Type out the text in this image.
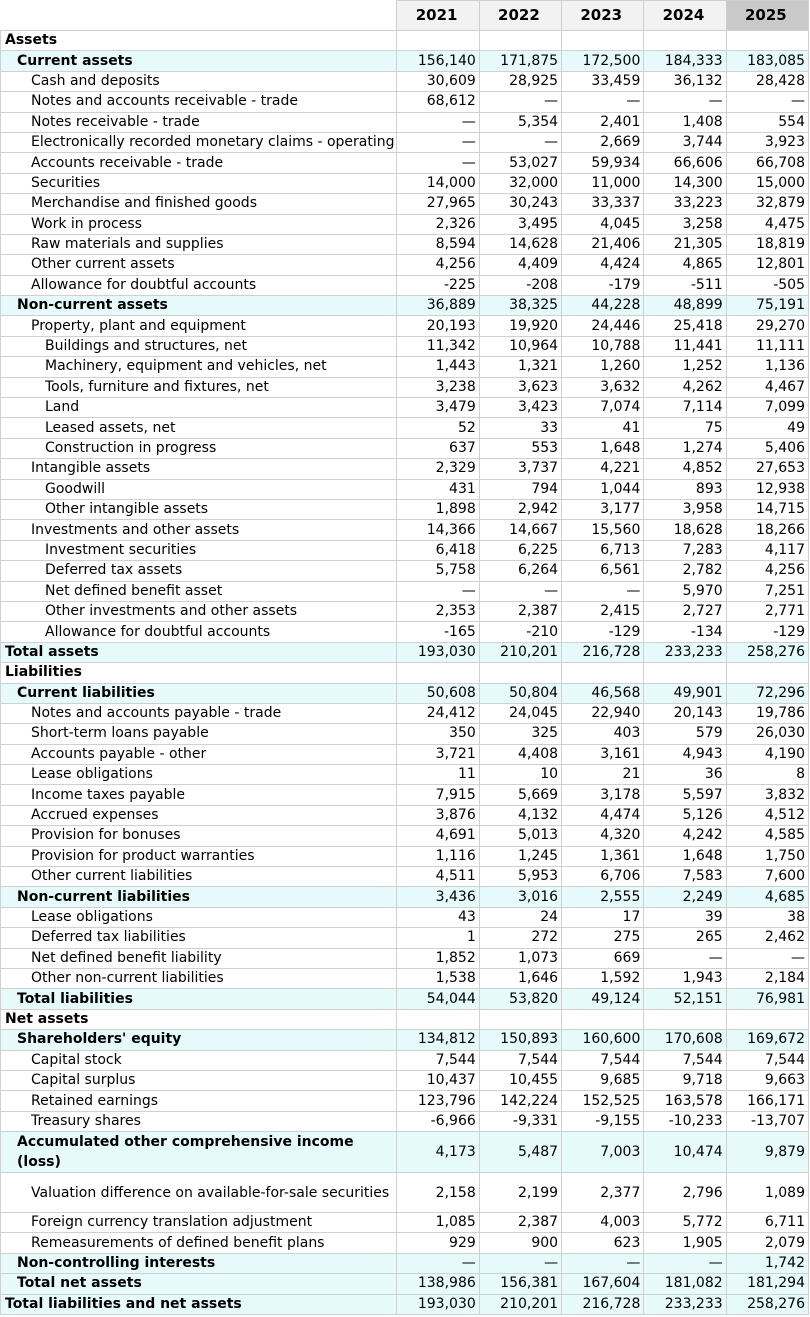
	2021	2022	2023	2024	2025
Assets					
Current assets	156,140	171,875	172,500	184,333	183,085
Cash and deposits	30,609	28,925	33,459	36,132	28,428
Notes and accounts receivable - trade	68,612	—	—	—	—
Notes receivable - trade	—	5,354	2,401	1,408	554
Electronically recorded monetary claims - operating	—	—	2,669	3,744	3,923
Accounts receivable - trade	—	53,027	59,934	66,606	66,708
Securities	14,000	32,000	11,000	14,300	15,000
Merchandise and finished goods	27,965	30,243	33,337	33,223	32,879
Work in process	2,326	3,495	4,045	3,258	4,475
Raw materials and supplies	8,594	14,628	21,406	21,305	18,819
Other current assets	4,256	4,409	4,424	4,865	12,801
Allowance for doubtful accounts	-225	-208	-179	-511	-505
Non-current assets	36,889	38,325	44,228	48,899	75,191
Property, plant and equipment	20,193	19,920	24,446	25,418	29,270
Buildings and structures, net	11,342	10,964	10,788	11,441	11,111
Machinery, equipment and vehicles, net	1,443	1,321	1,260	1,252	1,136
Tools, furniture and fixtures, net	3,238	3,623	3,632	4,262	4,467
Land	3,479	3,423	7,074	7,114	7,099
Leased assets, net	52	33	41	75	49
Construction in progress	637	553	1,648	1,274	5,406
Intangible assets	2,329	3,737	4,221	4,852	27,653
Goodwill	431	794	1,044	893	12,938
Other intangible assets	1,898	2,942	3,177	3,958	14,715
Investments and other assets	14,366	14,667	15,560	18,628	18,266
Investment securities	6,418	6,225	6,713	7,283	4,117
Deferred tax assets	5,758	6,264	6,561	2,782	4,256
Net defined benefit asset	—	—	—	5,970	7,251
Other investments and other assets	2,353	2,387	2,415	2,727	2,771
Allowance for doubtful accounts	-165	-210	-129	-134	-129
Total assets	193,030	210,201	216,728	233,233	258,276
Liabilities					
Current liabilities	50,608	50,804	46,568	49,901	72,296
Notes and accounts payable - trade	24,412	24,045	22,940	20,143	19,786
Short-term loans payable	350	325	403	579	26,030
Accounts payable - other	3,721	4,408	3,161	4,943	4,190
Lease obligations	11	10	21	36	8
Income taxes payable	7,915	5,669	3,178	5,597	3,832
Accrued expenses	3,876	4,132	4,474	5,126	4,512
Provision for bonuses	4,691	5,013	4,320	4,242	4,585
Provision for product warranties	1,116	1,245	1,361	1,648	1,750
Other current liabilities	4,511	5,953	6,706	7,583	7,600
Non-current liabilities	3,436	3,016	2,555	2,249	4,685
Lease obligations	43	24	17	39	38
Deferred tax liabilities	1	272	275	265	2,462
Net defined benefit liability	1,852	1,073	669	—	—
Other non-current liabilities	1,538	1,646	1,592	1,943	2,184
Total liabilities	54,044	53,820	49,124	52,151	76,981
Net assets					
Shareholders' equity	134,812	150,893	160,600	170,608	169,672
Capital stock	7,544	7,544	7,544	7,544	7,544
Capital surplus	10,437	10,455	9,685	9,718	9,663
Retained earnings	123,796	142,224	152,525	163,578	166,171
Treasury shares	-6,966	-9,331	-9,155	-10,233	-13,707
Accumulated other comprehensive income (loss)	4,173	5,487	7,003	10,474	9,879
Valuation difference on available-for-sale securities	2,158	2,199	2,377	2,796	1,089
Foreign currency translation adjustment	1,085	2,387	4,003	5,772	6,711
Remeasurements of defined benefit plans	929	900	623	1,905	2,079
Non-controlling interests	—	—	—	—	1,742
Total net assets	138,986	156,381	167,604	181,082	181,294
Total liabilities and net assets	193,030	210,201	216,728	233,233	258,276
